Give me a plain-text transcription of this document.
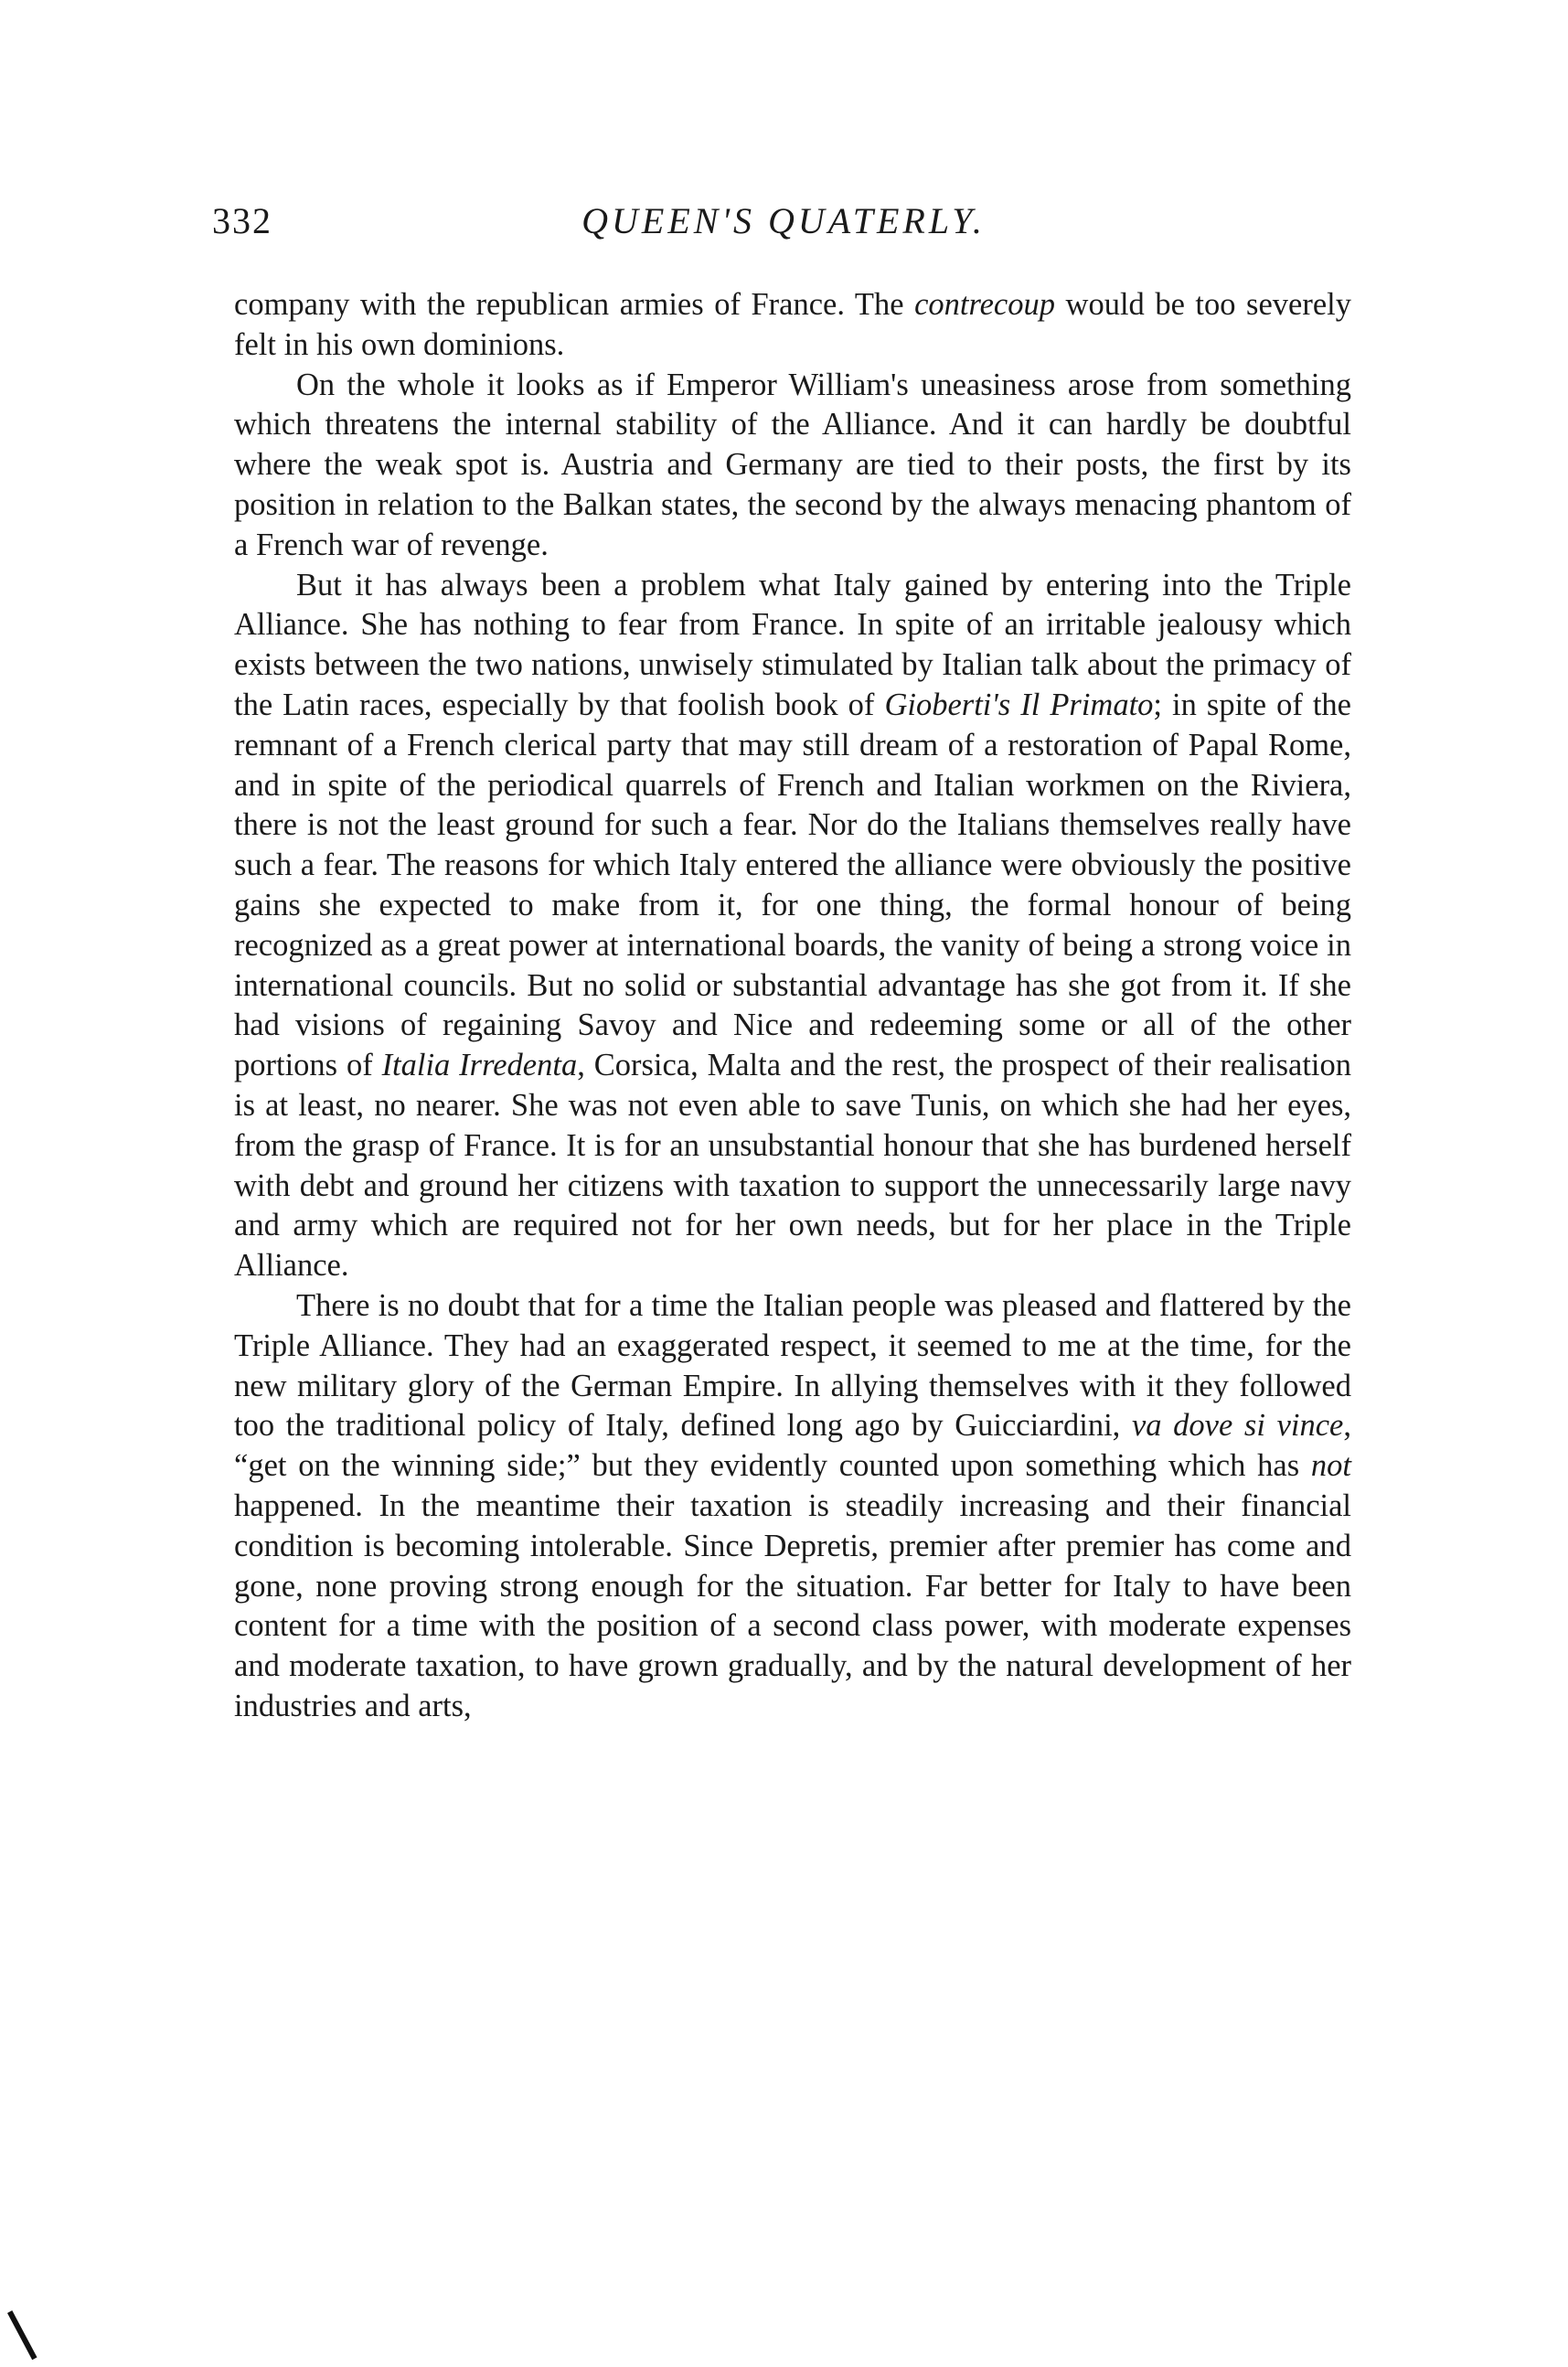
332	QUEEN'S QUATERLY.

company with the republican armies of France. The contrecoup would be too severely felt in his own dominions.

On the whole it looks as if Emperor William's uneasiness arose from something which threatens the internal stability of the Alliance. And it can hardly be doubtful where the weak spot is. Austria and Germany are tied to their posts, the first by its position in relation to the Balkan states, the second by the always menacing phantom of a French war of revenge.

But it has always been a problem what Italy gained by entering into the Triple Alliance. She has nothing to fear from France. In spite of an irritable jealousy which exists between the two nations, unwisely stimulated by Italian talk about the primacy of the Latin races, especially by that foolish book of Gioberti's Il Primato; in spite of the remnant of a French clerical party that may still dream of a restoration of Papal Rome, and in spite of the periodical quarrels of French and Italian workmen on the Riviera, there is not the least ground for such a fear. Nor do the Italians themselves really have such a fear. The reasons for which Italy entered the alliance were obviously the positive gains she expected to make from it, for one thing, the formal honour of being recognized as a great power at international boards, the vanity of being a strong voice in international councils. But no solid or substantial advantage has she got from it. If she had visions of regaining Savoy and Nice and redeeming some or all of the other portions of Italia Irredenta, Corsica, Malta and the rest, the prospect of their realisation is at least, no nearer. She was not even able to save Tunis, on which she had her eyes, from the grasp of France. It is for an unsubstantial honour that she has burdened herself with debt and ground her citizens with taxation to support the unnecessarily large navy and army which are required not for her own needs, but for her place in the Triple Alliance.

There is no doubt that for a time the Italian people was pleased and flattered by the Triple Alliance. They had an exaggerated respect, it seemed to me at the time, for the new military glory of the German Empire. In allying themselves with it they followed too the traditional policy of Italy, defined long ago by Guicciardini, va dove si vince, “get on the winning side;” but they evidently counted upon something which has not happened. In the meantime their taxation is steadily increasing and their financial condition is becoming intolerable. Since Depretis, premier after premier has come and gone, none proving strong enough for the situation. Far better for Italy to have been content for a time with the position of a second class power, with moderate expenses and moderate taxation, to have grown gradually, and by the natural development of her industries and arts,
